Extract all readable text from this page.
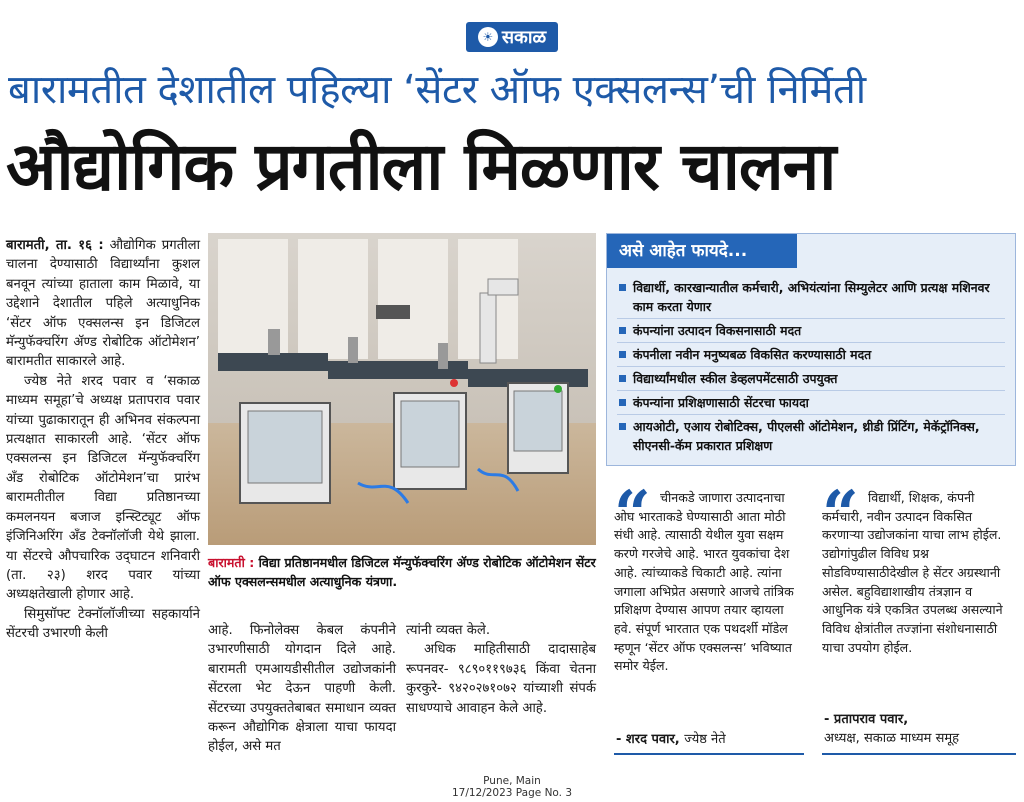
☀ सकाळ
बारामतीत देशातील पहिल्या ‘सेंटर ऑफ एक्सलन्स’ची निर्मिती
औद्योगिक प्रगतीला मिळणार चालना

बारामती, ता. १६ : औद्योगिक प्रगतीला चालना देण्यासाठी विद्यार्थ्यांना कुशल बनवून त्यांच्या हाताला काम मिळावे, या उद्देशाने देशातील पहिले अत्याधुनिक ‘सेंटर ऑफ एक्सलन्स इन डिजिटल मॅन्युफॅक्चरिंग ॲण्ड रोबोटिक ऑटोमेशन’ बारामतीत साकारले आहे.

ज्येष्ठ नेते शरद पवार व ‘सकाळ माध्यम समूहा’चे अध्यक्ष प्रतापराव पवार यांच्या पुढाकारातून ही अभिनव संकल्पना प्रत्यक्षात साकारली आहे. ‘सेंटर ऑफ एक्सलन्स इन डिजिटल मॅन्युफॅक्चरिंग ॲंड रोबोटिक ऑटोमेशन’चा प्रारंभ बारामतीतील विद्या प्रतिष्ठानच्या कमलनयन बजाज इन्स्टिट्यूट ऑफ इंजिनिअरिंग ॲंड टेक्नॉलॉजी येथे झाला. या सेंटरचे औपचारिक उद्‍घाटन शनिवारी (ता. २३) शरद पवार यांच्या अध्यक्षतेखाली होणार आहे.

सिमुसॉफ्ट टेक्नॉलॉजीच्या सहकार्याने सेंटरची उभारणी केली

बारामती : विद्या प्रतिष्ठानमधील डिजिटल मॅन्युफॅक्चरिंग ॲण्ड रोबोटिक ऑटोमेशन सेंटर ऑफ एक्सलन्समधील अत्याधुनिक यंत्रणा.

आहे. फिनोलेक्स केबल कंपनीने उभारणीसाठी योगदान दिले आहे. बारामती एमआयडीसीतील उद्योजकांनी सेंटरला भेट देऊन पाहणी केली. सेंटरच्या उपयुक्ततेबाबत समाधान व्यक्त करून औद्योगिक क्षेत्राला याचा फायदा होईल, असे मत

त्यांनी व्यक्त केले.

अधिक माहितीसाठी दादासाहेब रूपनवर- ९८९०११९७३६ किंवा चेतना कुरकुरे- ९४२०२७१०७२ यांच्याशी संपर्क साधण्याचे आवाहन केले आहे.

असे आहेत फायदे...
विद्यार्थी, कारखान्यातील कर्मचारी, अभियंत्यांना सिम्युलेटर आणि प्रत्यक्ष मशिनवर काम करता येणार
कंपन्यांना उत्पादन विकसनासाठी मदत
कंपनीला नवीन मनुष्यबळ विकसित करण्यासाठी मदत
विद्यार्थ्यांमधील स्कील डेव्हलपमेंटसाठी उपयुक्त
कंपन्यांना प्रशिक्षणासाठी सेंटरचा फायदा
आयओटी, एआय रोबोटिक्स, पीएलसी ऑटोमेशन, थ्रीडी प्रिंटिंग, मेकॅट्रॉनिक्स, सीएनसी-कॅम प्रकारात प्रशिक्षण
“ चीनकडे जाणारा उत्पादनाचा ओघ भारताकडे घेण्यासाठी आता मोठी संधी आहे. त्यासाठी येथील युवा सक्षम करणे गरजेचे आहे. भारत युवकांचा देश आहे. त्यांच्याकडे चिकाटी आहे. त्यांना जगाला अभिप्रेत असणारे आजचे तांत्रिक प्रशिक्षण देण्यास आपण तयार व्हायला हवे. संपूर्ण भारतात एक पथदर्शी मॉडेल म्हणून ‘सेंटर ऑफ एक्सलन्स’ भविष्यात समोर येईल.
- शरद पवार, ज्येष्ठ नेते
“ विद्यार्थी, शिक्षक, कंपनी कर्मचारी, नवीन उत्पादन विकसित करणाऱ्या उद्योजकांना याचा लाभ होईल. उद्योगांपुढील विविध प्रश्न सोडविण्यासाठीदेखील हे सेंटर अग्रस्थानी असेल. बहुविद्याशाखीय तंत्रज्ञान व आधुनिक यंत्रे एकत्रित उपलब्ध असल्याने विविध क्षेत्रांतील तज्ज्ञांना संशोधनासाठी याचा उपयोग होईल.
- प्रतापराव पवार,
अध्यक्ष, सकाळ माध्यम समूह
Pune, Main
17/12/2023 Page No. 3
